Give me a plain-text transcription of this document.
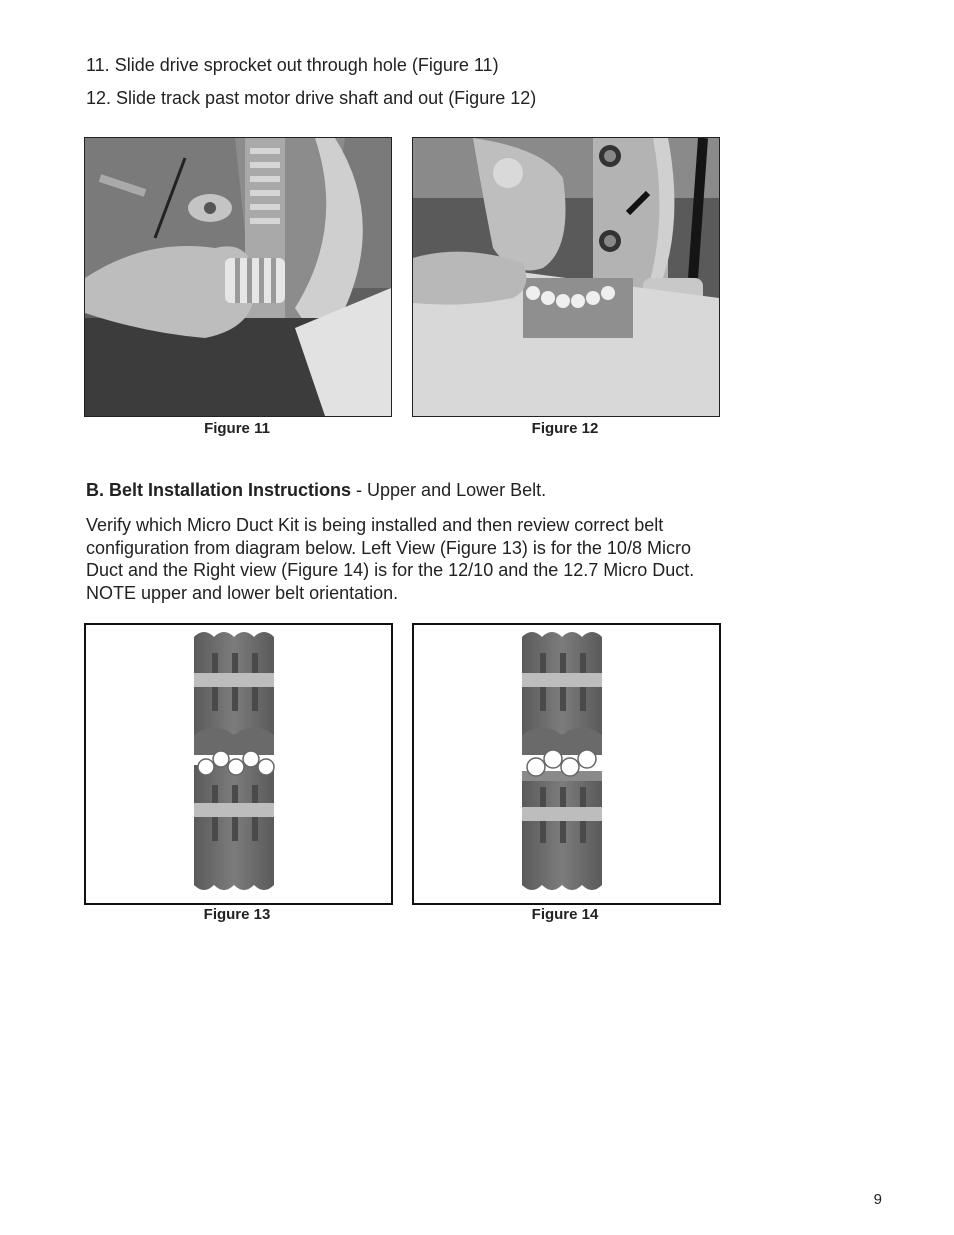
11. Slide drive sprocket out through hole (Figure 11)
12. Slide track past motor drive shaft and out (Figure 12)
Figure 11	Figure 12
B. Belt Installation Instructions - Upper and Lower Belt.
Verify which Micro Duct Kit is being installed and then review correct belt configuration from diagram below. Left View (Figure 13) is for the 10/8 Micro Duct and the Right view (Figure 14) is for the 12/10 and the 12.7 Micro Duct. NOTE upper and lower belt orientation.
Figure 13	Figure 14
9
